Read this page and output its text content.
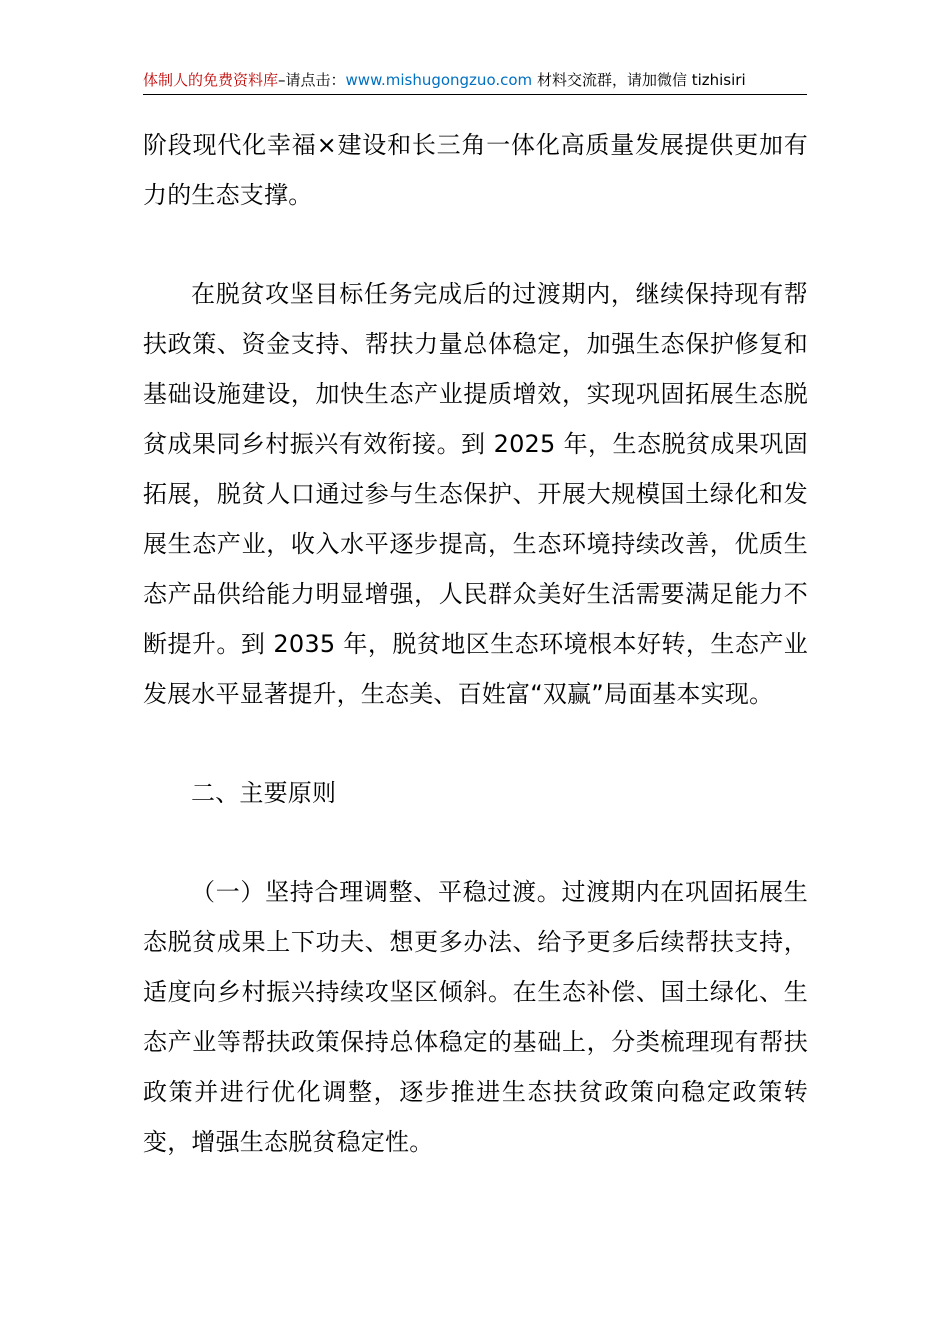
体制人的免费资料库–请点击：www.mishugongzuo.com 材料交流群，请加微信 tizhisiri

阶段现代化幸福×建设和长三角一体化高质量发展提供更加有力的生态支撑。

在脱贫攻坚目标任务完成后的过渡期内，继续保持现有帮扶政策、资金支持、帮扶力量总体稳定，加强生态保护修复和基础设施建设，加快生态产业提质增效，实现巩固拓展生态脱贫成果同乡村振兴有效衔接。到 2025 年，生态脱贫成果巩固拓展，脱贫人口通过参与生态保护、开展大规模国土绿化和发展生态产业，收入水平逐步提高，生态环境持续改善，优质生态产品供给能力明显增强，人民群众美好生活需要满足能力不断提升。到 2035 年，脱贫地区生态环境根本好转，生态产业发展水平显著提升，生态美、百姓富“双赢”局面基本实现。

二、主要原则

（一）坚持合理调整、平稳过渡。过渡期内在巩固拓展生态脱贫成果上下功夫、想更多办法、给予更多后续帮扶支持，适度向乡村振兴持续攻坚区倾斜。在生态补偿、国土绿化、生态产业等帮扶政策保持总体稳定的基础上，分类梳理现有帮扶政策并进行优化调整，逐步推进生态扶贫政策向稳定政策转变，增强生态脱贫稳定性。
